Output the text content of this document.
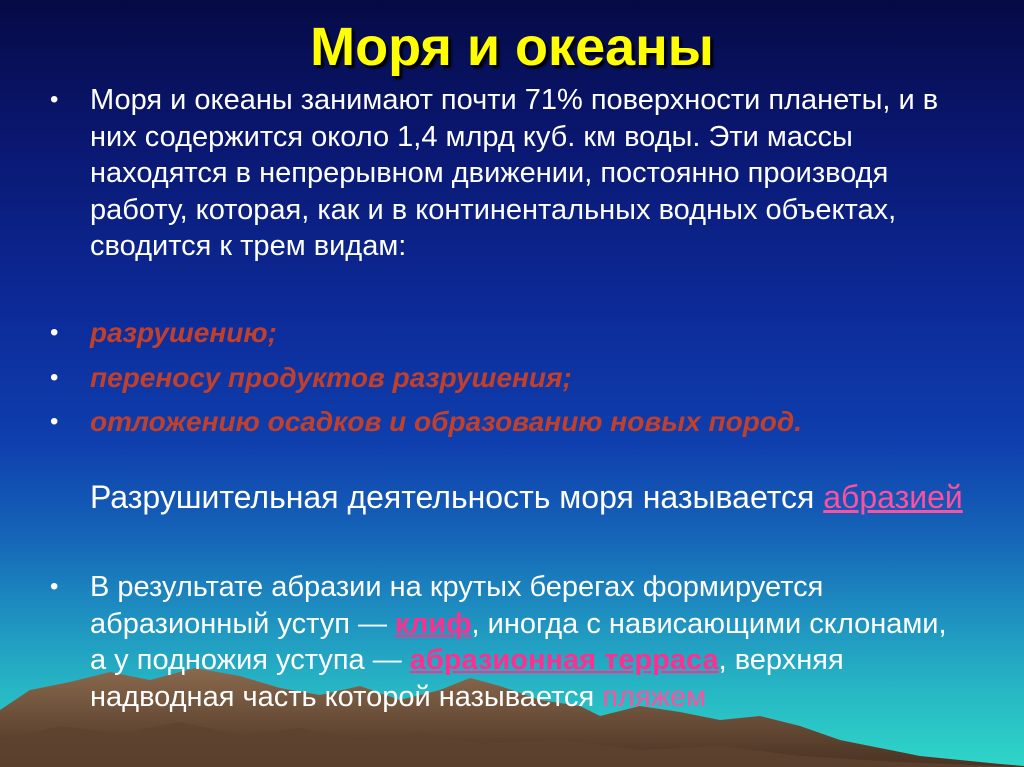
Моря и океаны
•	Моря и океаны занимают почти 71% поверхности планеты, и в них содержится около 1,4 млрд куб. км воды. Эти массы находятся в непрерывном движении, постоянно производя работу, которая, как и в континентальных водных объектах, сводится к трем видам:
•	разрушению;
•	переносу продуктов разрушения;
•	отложению осадков и образованию новых пород.
Разрушительная деятельность моря называется абразией
•	В результате абразии на крутых берегах формируется абразионный уступ — клиф, иногда с нависающими склонами, а у подножия уступа — абразионная терраса, верхняя надводная часть которой называется пляжем
